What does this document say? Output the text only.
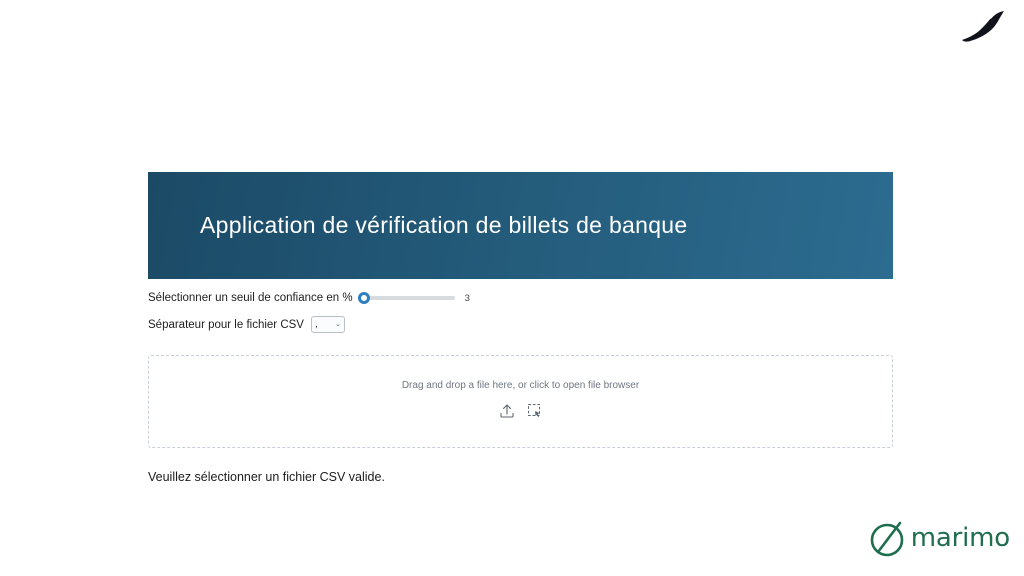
Application de vérification de billets de banque
Sélectionner un seuil de confiance en %	3
Séparateur pour le fichier CSV , ⌄
Drag and drop a file here, or click to open file browser
Veuillez sélectionner un fichier CSV valide.
marimo
